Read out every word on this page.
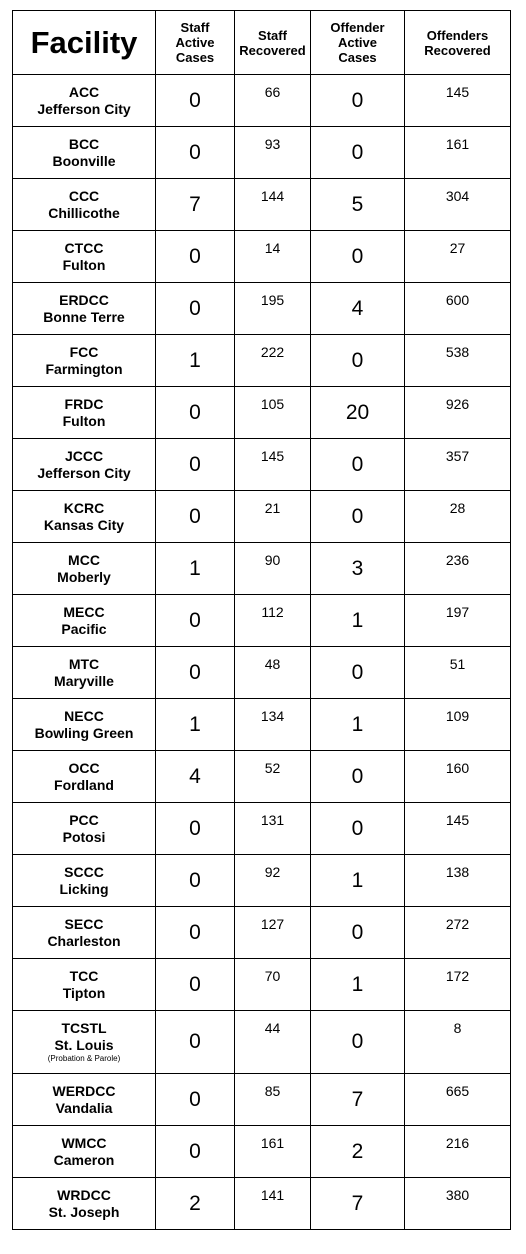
Facility	Staff
Active
Cases	Staff
Recovered	Offender
Active
Cases	Offenders
Recovered

ACC
Jefferson City	0	66	0	145

BCC
Boonville	0	93	0	161

CCC
Chillicothe	7	144	5	304

CTCC
Fulton	0	14	0	27

ERDCC
Bonne Terre	0	195	4	600

FCC
Farmington	1	222	0	538

FRDC
Fulton	0	105	20	926

JCCC
Jefferson City	0	145	0	357

KCRC
Kansas City	0	21	0	28

MCC
Moberly	1	90	3	236

MECC
Pacific	0	112	1	197

MTC
Maryville	0	48	0	51

NECC
Bowling Green	1	134	1	109

OCC
Fordland	4	52	0	160

PCC
Potosi	0	131	0	145

SCCC
Licking	0	92	1	138

SECC
Charleston	0	127	0	272

TCC
Tipton	0	70	1	172

TCSTL
St. Louis
(Probation & Parole)	0	44	0	8

WERDCC
Vandalia	0	85	7	665

WMCC
Cameron	0	161	2	216

WRDCC
St. Joseph	2	141	7	380
